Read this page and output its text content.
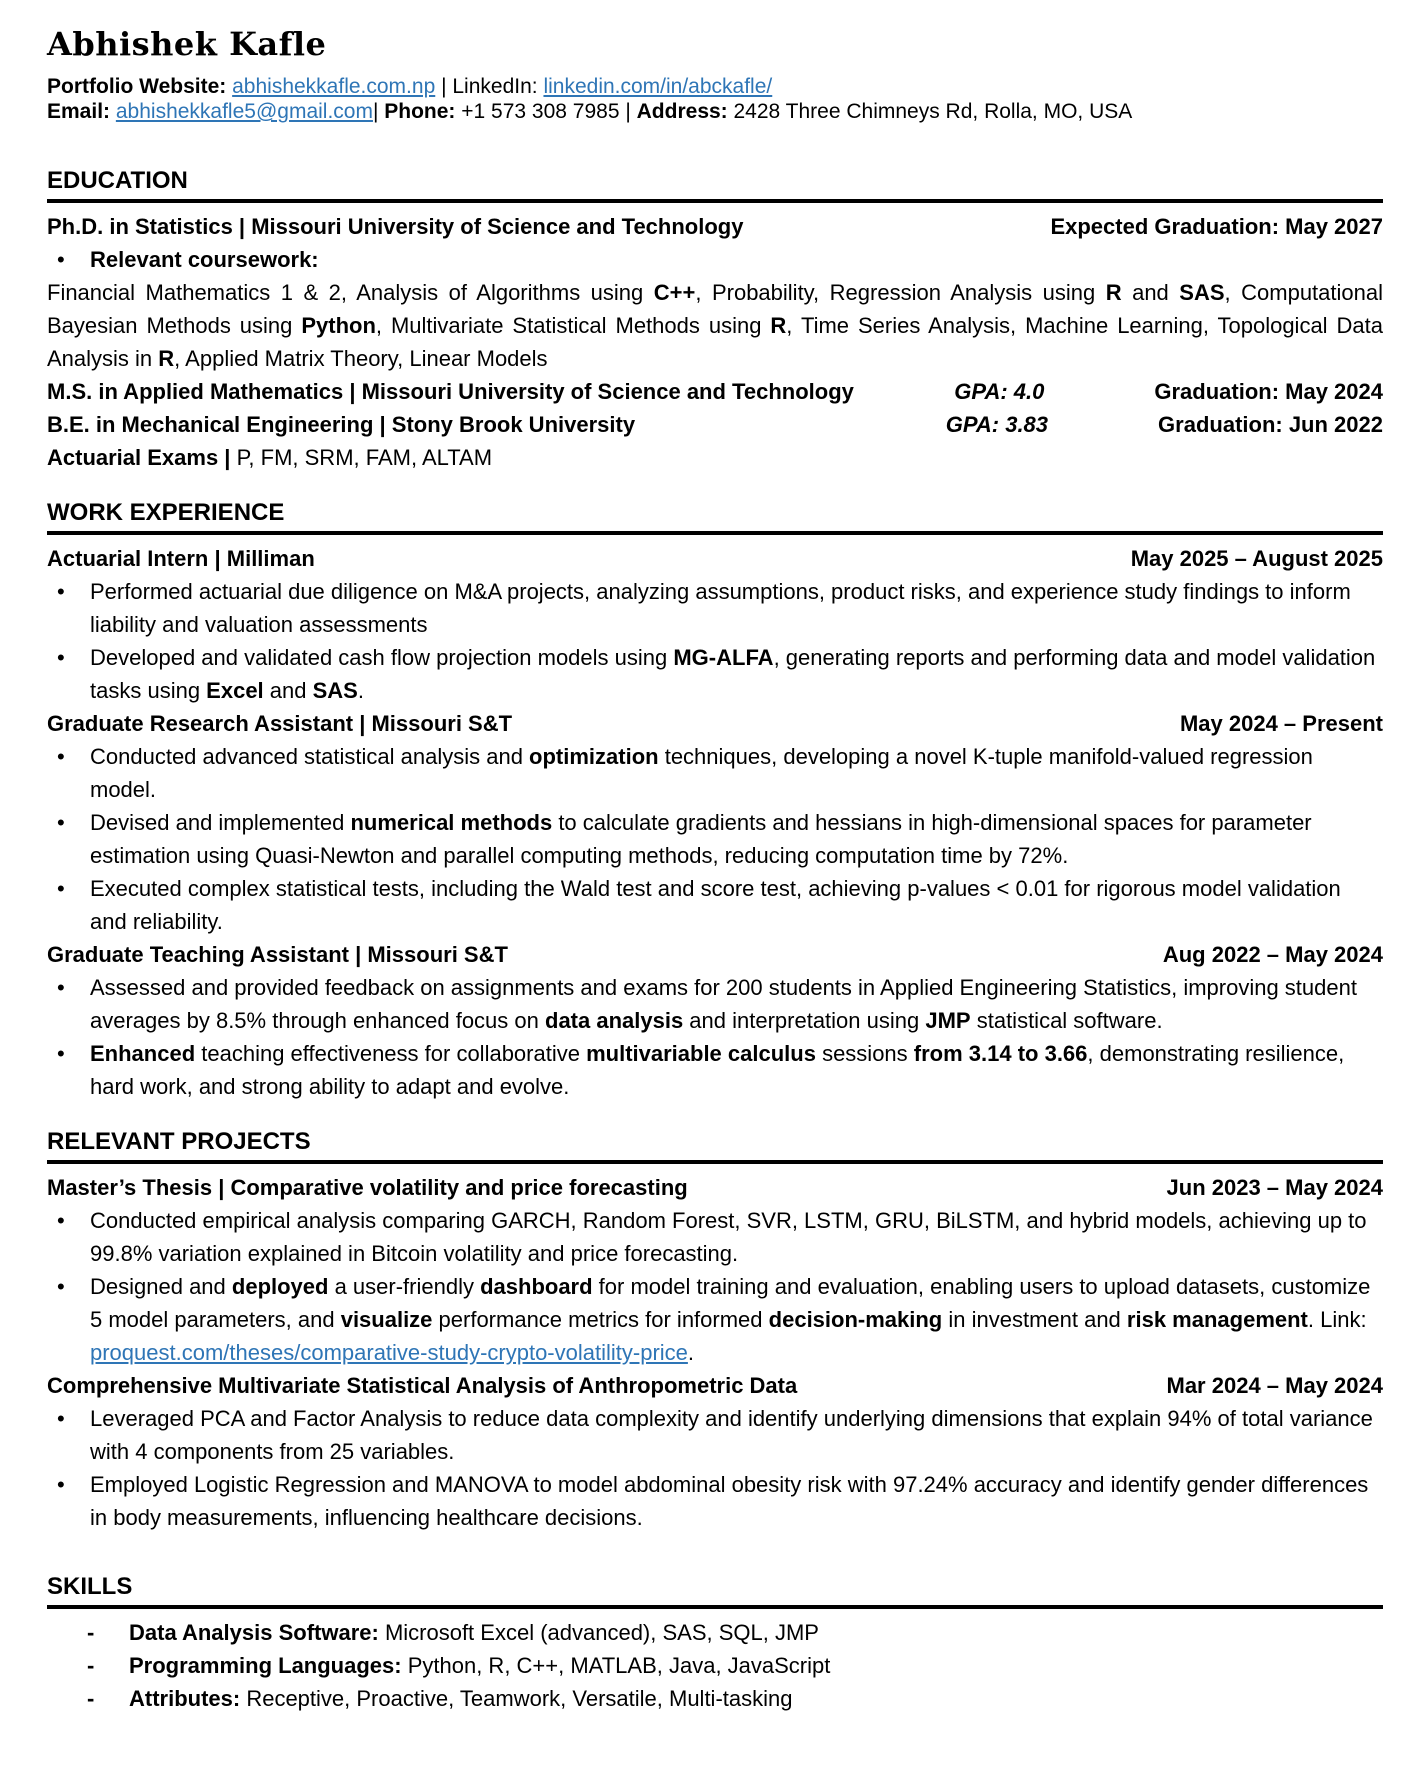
Abhishek Kafle

Portfolio Website: abhishekkafle.com.np | LinkedIn: linkedin.com/in/abckafle/

Email: abhishekkafle5@gmail.com| Phone: +1 573 308 7985 | Address: 2428 Three Chimneys Rd, Rolla, MO, USA

EDUCATION
Ph.D. in Statistics | Missouri University of Science and Technology	Expected Graduation: May 2027
•	Relevant coursework:

Financial Mathematics 1 & 2, Analysis of Algorithms using C++, Probability, Regression Analysis using R and SAS, Computational Bayesian Methods using Python, Multivariate Statistical Methods using R, Time Series Analysis, Machine Learning, Topological Data Analysis in R, Applied Matrix Theory, Linear Models

M.S. in Applied Mathematics | Missouri University of Science and Technology	GPA: 4.0	Graduation: May 2024
B.E. in Mechanical Engineering | Stony Brook University	GPA: 3.83	Graduation: Jun 2022
Actuarial Exams | P, FM, SRM, FAM, ALTAM
WORK EXPERIENCE
Actuarial Intern | Milliman	May 2025 – August 2025
•	Performed actuarial due diligence on M&A projects, analyzing assumptions, product risks, and experience study findings to inform liability and valuation assessments
•	Developed and validated cash flow projection models using MG-ALFA, generating reports and performing data and model validation tasks using Excel and SAS.
Graduate Research Assistant | Missouri S&T	May 2024 – Present
•	Conducted advanced statistical analysis and optimization techniques, developing a novel K-tuple manifold-valued regression model.
•	Devised and implemented numerical methods to calculate gradients and hessians in high-dimensional spaces for parameter estimation using Quasi-Newton and parallel computing methods, reducing computation time by 72%.
•	Executed complex statistical tests, including the Wald test and score test, achieving p-values < 0.01 for rigorous model validation and reliability.
Graduate Teaching Assistant | Missouri S&T	Aug 2022 – May 2024
•	Assessed and provided feedback on assignments and exams for 200 students in Applied Engineering Statistics, improving student averages by 8.5% through enhanced focus on data analysis and interpretation using JMP statistical software.
•	Enhanced teaching effectiveness for collaborative multivariable calculus sessions from 3.14 to 3.66, demonstrating resilience, hard work, and strong ability to adapt and evolve.
RELEVANT PROJECTS
Master’s Thesis | Comparative volatility and price forecasting	Jun 2023 – May 2024
•	Conducted empirical analysis comparing GARCH, Random Forest, SVR, LSTM, GRU, BiLSTM, and hybrid models, achieving up to 99.8% variation explained in Bitcoin volatility and price forecasting.
•	Designed and deployed a user-friendly dashboard for model training and evaluation, enabling users to upload datasets, customize 5 model parameters, and visualize performance metrics for informed decision-making in investment and risk management. Link: proquest.com/theses/comparative-study-crypto-volatility-price.
Comprehensive Multivariate Statistical Analysis of Anthropometric Data	Mar 2024 – May 2024
•	Leveraged PCA and Factor Analysis to reduce data complexity and identify underlying dimensions that explain 94% of total variance with 4 components from 25 variables.
•	Employed Logistic Regression and MANOVA to model abdominal obesity risk with 97.24% accuracy and identify gender differences in body measurements, influencing healthcare decisions.
SKILLS
-	Data Analysis Software: Microsoft Excel (advanced), SAS, SQL, JMP
-	Programming Languages: Python, R, C++, MATLAB, Java, JavaScript
-	Attributes: Receptive, Proactive, Teamwork, Versatile, Multi-tasking
